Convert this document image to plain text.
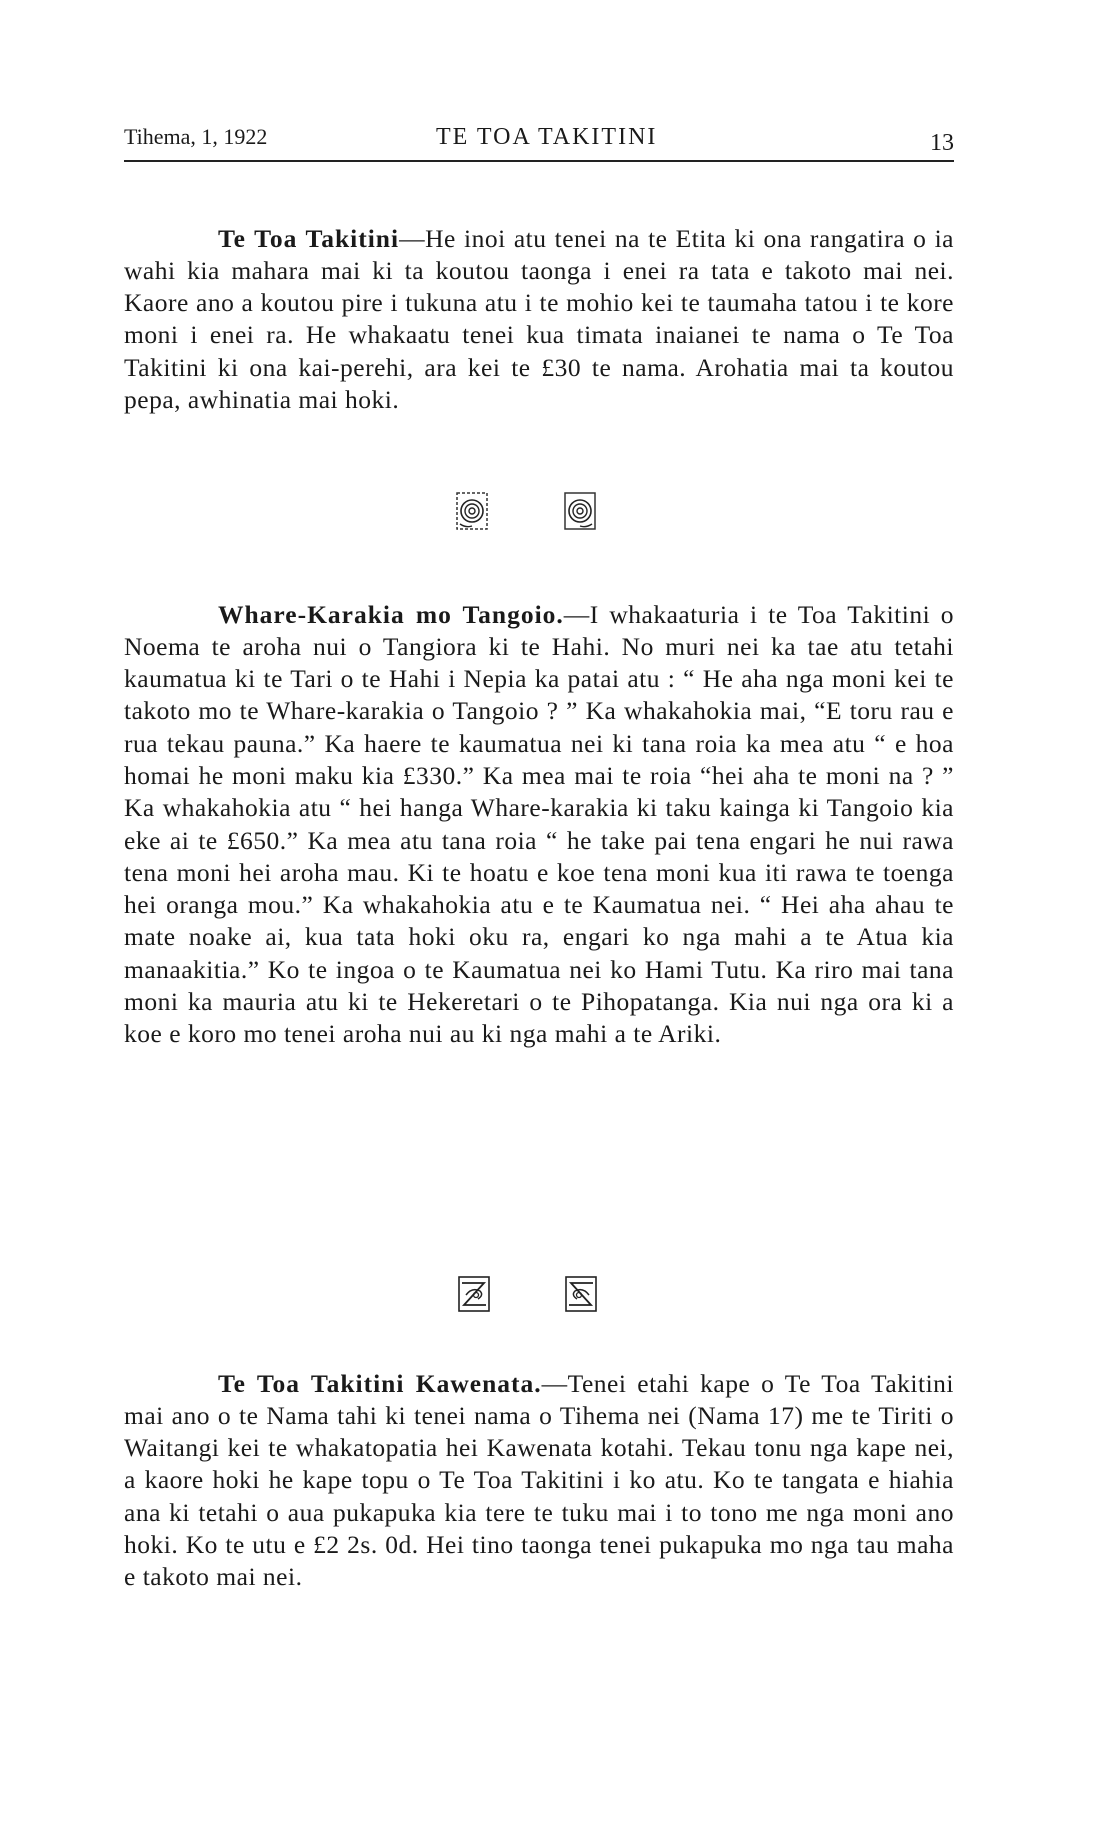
Tihema, 1, 1922	TE TOA TAKITINI	13

Te Toa Takitini—He inoi atu tenei na te Etita ki ona rangatira o ia wahi kia mahara mai ki ta koutou taonga i enei ra tata e takoto mai nei. Kaore ano a koutou pire i tukuna atu i te mohio kei te taumaha tatou i te kore moni i enei ra. He whakaatu tenei kua timata inaianei te nama o Te Toa Takitini ki ona kai-perehi, ara kei te £30 te nama. Arohatia mai ta koutou pepa, awhinatia mai hoki.

Whare-Karakia mo Tangoio.—I whakaaturia i te Toa Takitini o Noema te aroha nui o Tangiora ki te Hahi. No muri nei ka tae atu tetahi kaumatua ki te Tari o te Hahi i Nepia ka patai atu : “ He aha nga moni kei te takoto mo te Whare-karakia o Tangoio ? ” Ka whakahokia mai, “E toru rau e rua tekau pauna.” Ka haere te kaumatua nei ki tana roia ka mea atu “ e hoa homai he moni maku kia £330.” Ka mea mai te roia “hei aha te moni na ? ” Ka whakahokia atu “ hei hanga Whare-karakia ki taku kainga ki Tangoio kia eke ai te £650.” Ka mea atu tana roia “ he take pai tena engari he nui rawa tena moni hei aroha mau. Ki te hoatu e koe tena moni kua iti rawa te toenga hei oranga mou.” Ka whakahokia atu e te Kaumatua nei. “ Hei aha ahau te mate noake ai, kua tata hoki oku ra, engari ko nga mahi a te Atua kia manaakitia.” Ko te ingoa o te Kaumatua nei ko Hami Tutu. Ka riro mai tana moni ka mauria atu ki te Hekeretari o te Pihopatanga. Kia nui nga ora ki a koe e koro mo tenei aroha nui au ki nga mahi a te Ariki.

Te Toa Takitini Kawenata.—Tenei etahi kape o Te Toa Takitini mai ano o te Nama tahi ki tenei nama o Tihema nei (Nama 17) me te Tiriti o Waitangi kei te whakatopatia hei Kawenata kotahi. Tekau tonu nga kape nei, a kaore hoki he kape topu o Te Toa Takitini i ko atu. Ko te tangata e hiahia ana ki tetahi o aua pukapuka kia tere te tuku mai i to tono me nga moni ano hoki. Ko te utu e £2 2s. 0d. Hei tino taonga tenei pukapuka mo nga tau maha e takoto mai nei.
